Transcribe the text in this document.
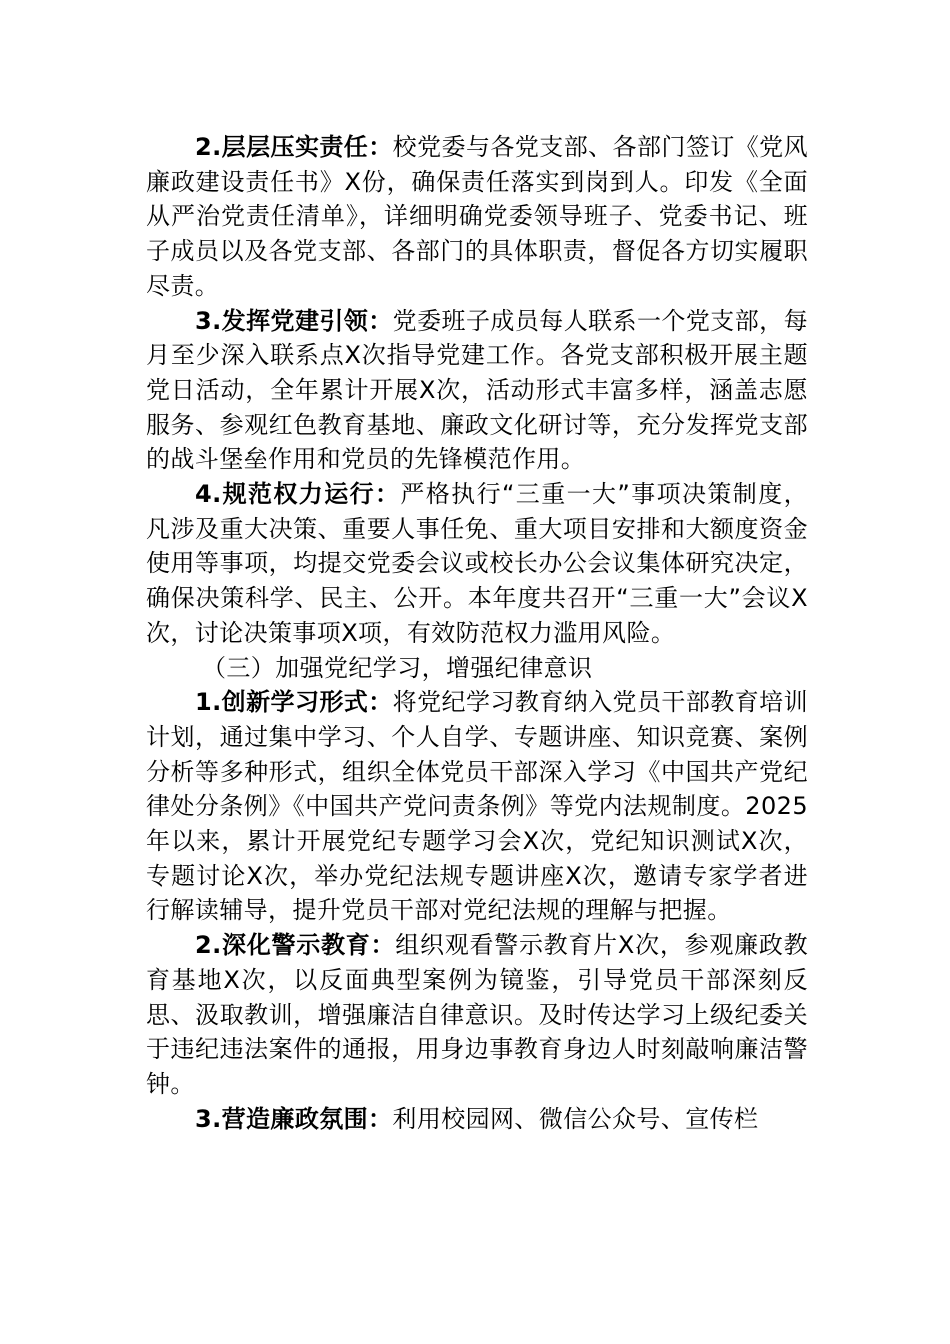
2.层层压实责任：校党委与各党支部、各部门签订《党风廉政建设责任书》X份，确保责任落实到岗到人。印发《全面从严治党责任清单》，详细明确党委领导班子、党委书记、班子成员以及各党支部、各部门的具体职责，督促各方切实履职尽责。

3.发挥党建引领：党委班子成员每人联系一个党支部，每月至少深入联系点X次指导党建工作。各党支部积极开展主题党日活动，全年累计开展X次，活动形式丰富多样，涵盖志愿服务、参观红色教育基地、廉政文化研讨等，充分发挥党支部的战斗堡垒作用和党员的先锋模范作用。

4.规范权力运行：严格执行“三重一大”事项决策制度，凡涉及重大决策、重要人事任免、重大项目安排和大额度资金使用等事项，均提交党委会议或校长办公会议集体研究决定，确保决策科学、民主、公开。本年度共召开“三重一大”会议X次，讨论决策事项X项，有效防范权力滥用风险。

（三）加强党纪学习，增强纪律意识

1.创新学习形式：将党纪学习教育纳入党员干部教育培训计划，通过集中学习、个人自学、专题讲座、知识竞赛、案例分析等多种形式，组织全体党员干部深入学习《中国共产党纪律处分条例》《中国共产党问责条例》等党内法规制度。2025年以来，累计开展党纪专题学习会X次，党纪知识测试X次，专题讨论X次，举办党纪法规专题讲座X次，邀请专家学者进行解读辅导，提升党员干部对党纪法规的理解与把握。

2.深化警示教育：组织观看警示教育片X次，参观廉政教育基地X次，以反面典型案例为镜鉴，引导党员干部深刻反思、汲取教训，增强廉洁自律意识。及时传达学习上级纪委关于违纪违法案件的通报，用身边事教育身边人时刻敲响廉洁警钟。

3.营造廉政氛围：利用校园网、微信公众号、宣传栏
